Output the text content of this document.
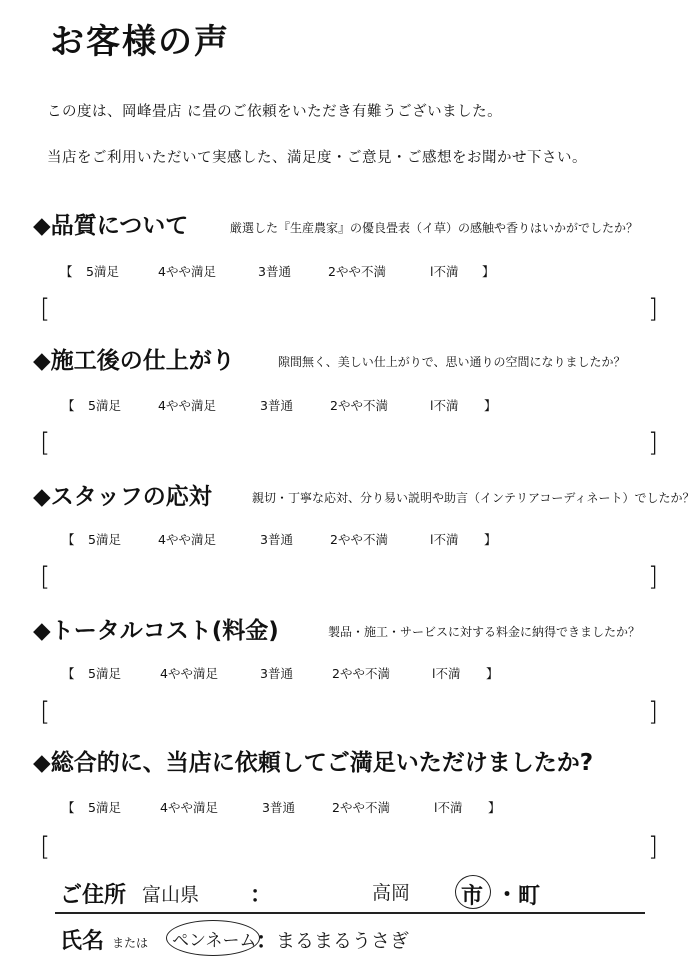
お客様の声
この度は、岡峰畳店 に畳のご依頼をいただき有難うございました。
当店をご利用いただいて実感した、満足度・ご意見・ご感想をお聞かせ下さい。
◆品質について	厳選した『生産農家』の優良畳表（イ草）の感触や香りはいかがでしたか？
◆施工後の仕上がり	隙間無く、美しい仕上がりで、思い通りの空間になりましたか？
◆スタッフの応対	親切・丁寧な応対、分り易い説明や助言（インテリアコーディネート）でしたか？
◆トータルコスト(料金)	製品・施工・サービスに対する料金に納得できましたか？
◆総合的に、当店に依頼してご満足いただけましたか?
【	5満足	4やや満足	3普通	2やや不満	l不満	】
【	5満足	4やや満足	3普通	2やや不満	l不満	】
【	5満足	4やや満足	3普通	2やや不満	l不満	】
【	5満足	4やや満足	3普通	2やや不満	l不満	】
【	5満足	4やや満足	3普通	2やや不満	l不満	】
[	]
[	]
[	]
[	]
[	]
ご住所 富山県 ：	高岡 市 ・ 町
氏名 または ペンネーム ：
まるまるうさぎ
